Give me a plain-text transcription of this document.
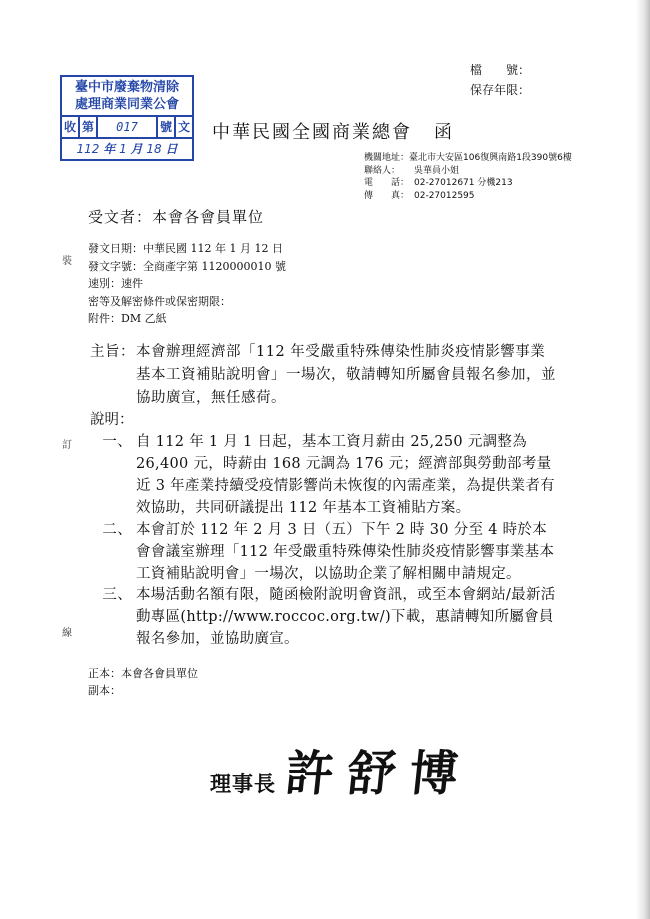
檔　　號：
保存年限：
臺中市廢棄物清除
處理商業同業公會
收 第	017	號 文
112 年 1 月 18 日
中華民國全國商業總會 函
機關地址： 臺北市大安區106復興南路1段390號6樓
聯絡人：	吳華員小姐
電　　話： 02-27012671 分機213
傳　　真： 02-27012595
受文者：本會各會員單位
發文日期：中華民國 112 年 1 月 12 日
發文字號：全商產字第 1120000010 號
速別：速件
密等及解密條件或保密期限：
附件：DM 乙紙
裝
訂
線
主旨： 本會辦理經濟部「112 年受嚴重特殊傳染性肺炎疫情影響事業基本工資補貼說明會」一場次，敬請轉知所屬會員報名參加，並協助廣宣，無任感荷。
說明：
一、 自 112 年 1 月 1 日起，基本工資月薪由 25,250 元調整為 26,400 元，時薪由 168 元調為 176 元；經濟部與勞動部考量近 3 年產業持續受疫情影響尚未恢復的內需產業，為提供業者有效協助，共同研議提出 112 年基本工資補貼方案。
二、 本會訂於 112 年 2 月 3 日（五）下午 2 時 30 分至 4 時於本會會議室辦理「112 年受嚴重特殊傳染性肺炎疫情影響事業基本工資補貼說明會」一場次，以協助企業了解相關申請規定。
三、 本場活動名額有限，隨函檢附說明會資訊，或至本會網站/最新活動專區(http://www.roccoc.org.tw/)下載，惠請轉知所屬會員報名參加，並協助廣宣。
正本：本會各會員單位
副本：
理事長 許舒博
